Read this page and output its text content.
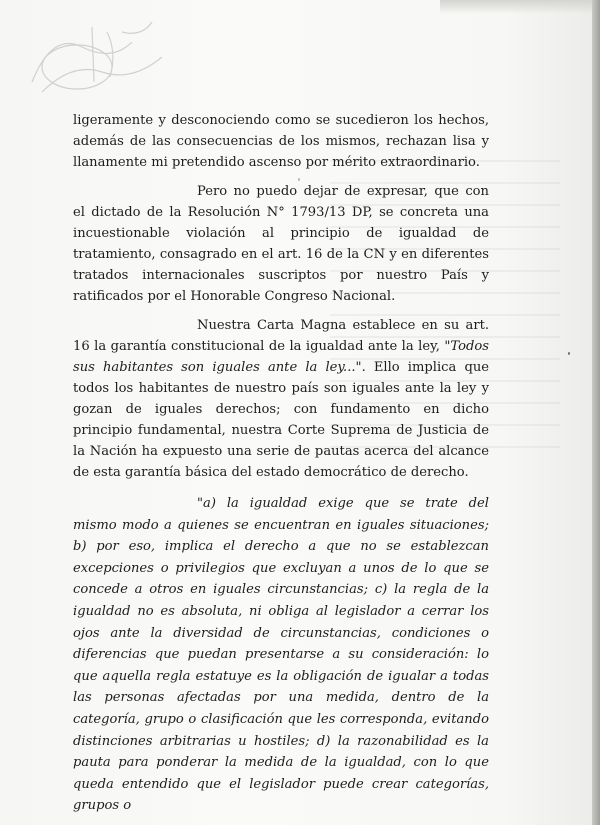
ligeramente y desconociendo como se sucedieron los hechos, además de las consecuencias de los mismos, rechazan lisa y llanamente mi pretendido ascenso por mérito extraordinario.

Pero no puedo dejar de expresar, que con el dictado de la Resolución N° 1793/13 DP, se concreta una incuestionable violación al principio de igualdad de tratamiento, consagrado en el art. 16 de la CN y en diferentes tratados internacionales suscriptos por nuestro País y ratificados por el Honorable Congreso Nacional.

Nuestra Carta Magna establece en su art. 16 la garantía constitucional de la igualdad ante la ley, "Todos sus habitantes son iguales ante la ley...". Ello implica que todos los habitantes de nuestro país son iguales ante la ley y gozan de iguales derechos; con fundamento en dicho principio fundamental, nuestra Corte Suprema de Justicia de la Nación ha expuesto una serie de pautas acerca del alcance de esta garantía básica del estado democrático de derecho.

"a) la igualdad exige que se trate del mismo modo a quienes se encuentran en iguales situaciones; b) por eso, implica el derecho a que no se establezcan excepciones o privilegios que excluyan a unos de lo que se concede a otros en iguales circunstancias; c) la regla de la igualdad no es absoluta, ni obliga al legislador a cerrar los ojos ante la diversidad de circunstancias, condiciones o diferencias que puedan presentarse a su consideración: lo que aquella regla estatuye es la obligación de igualar a todas las personas afectadas por una medida, dentro de la categoría, grupo o clasificación que les corresponda, evitando distinciones arbitrarias u hostiles; d) la razonabilidad es la pauta para ponderar la medida de la igualdad, con lo que queda entendido que el legislador puede crear categorías, grupos o
